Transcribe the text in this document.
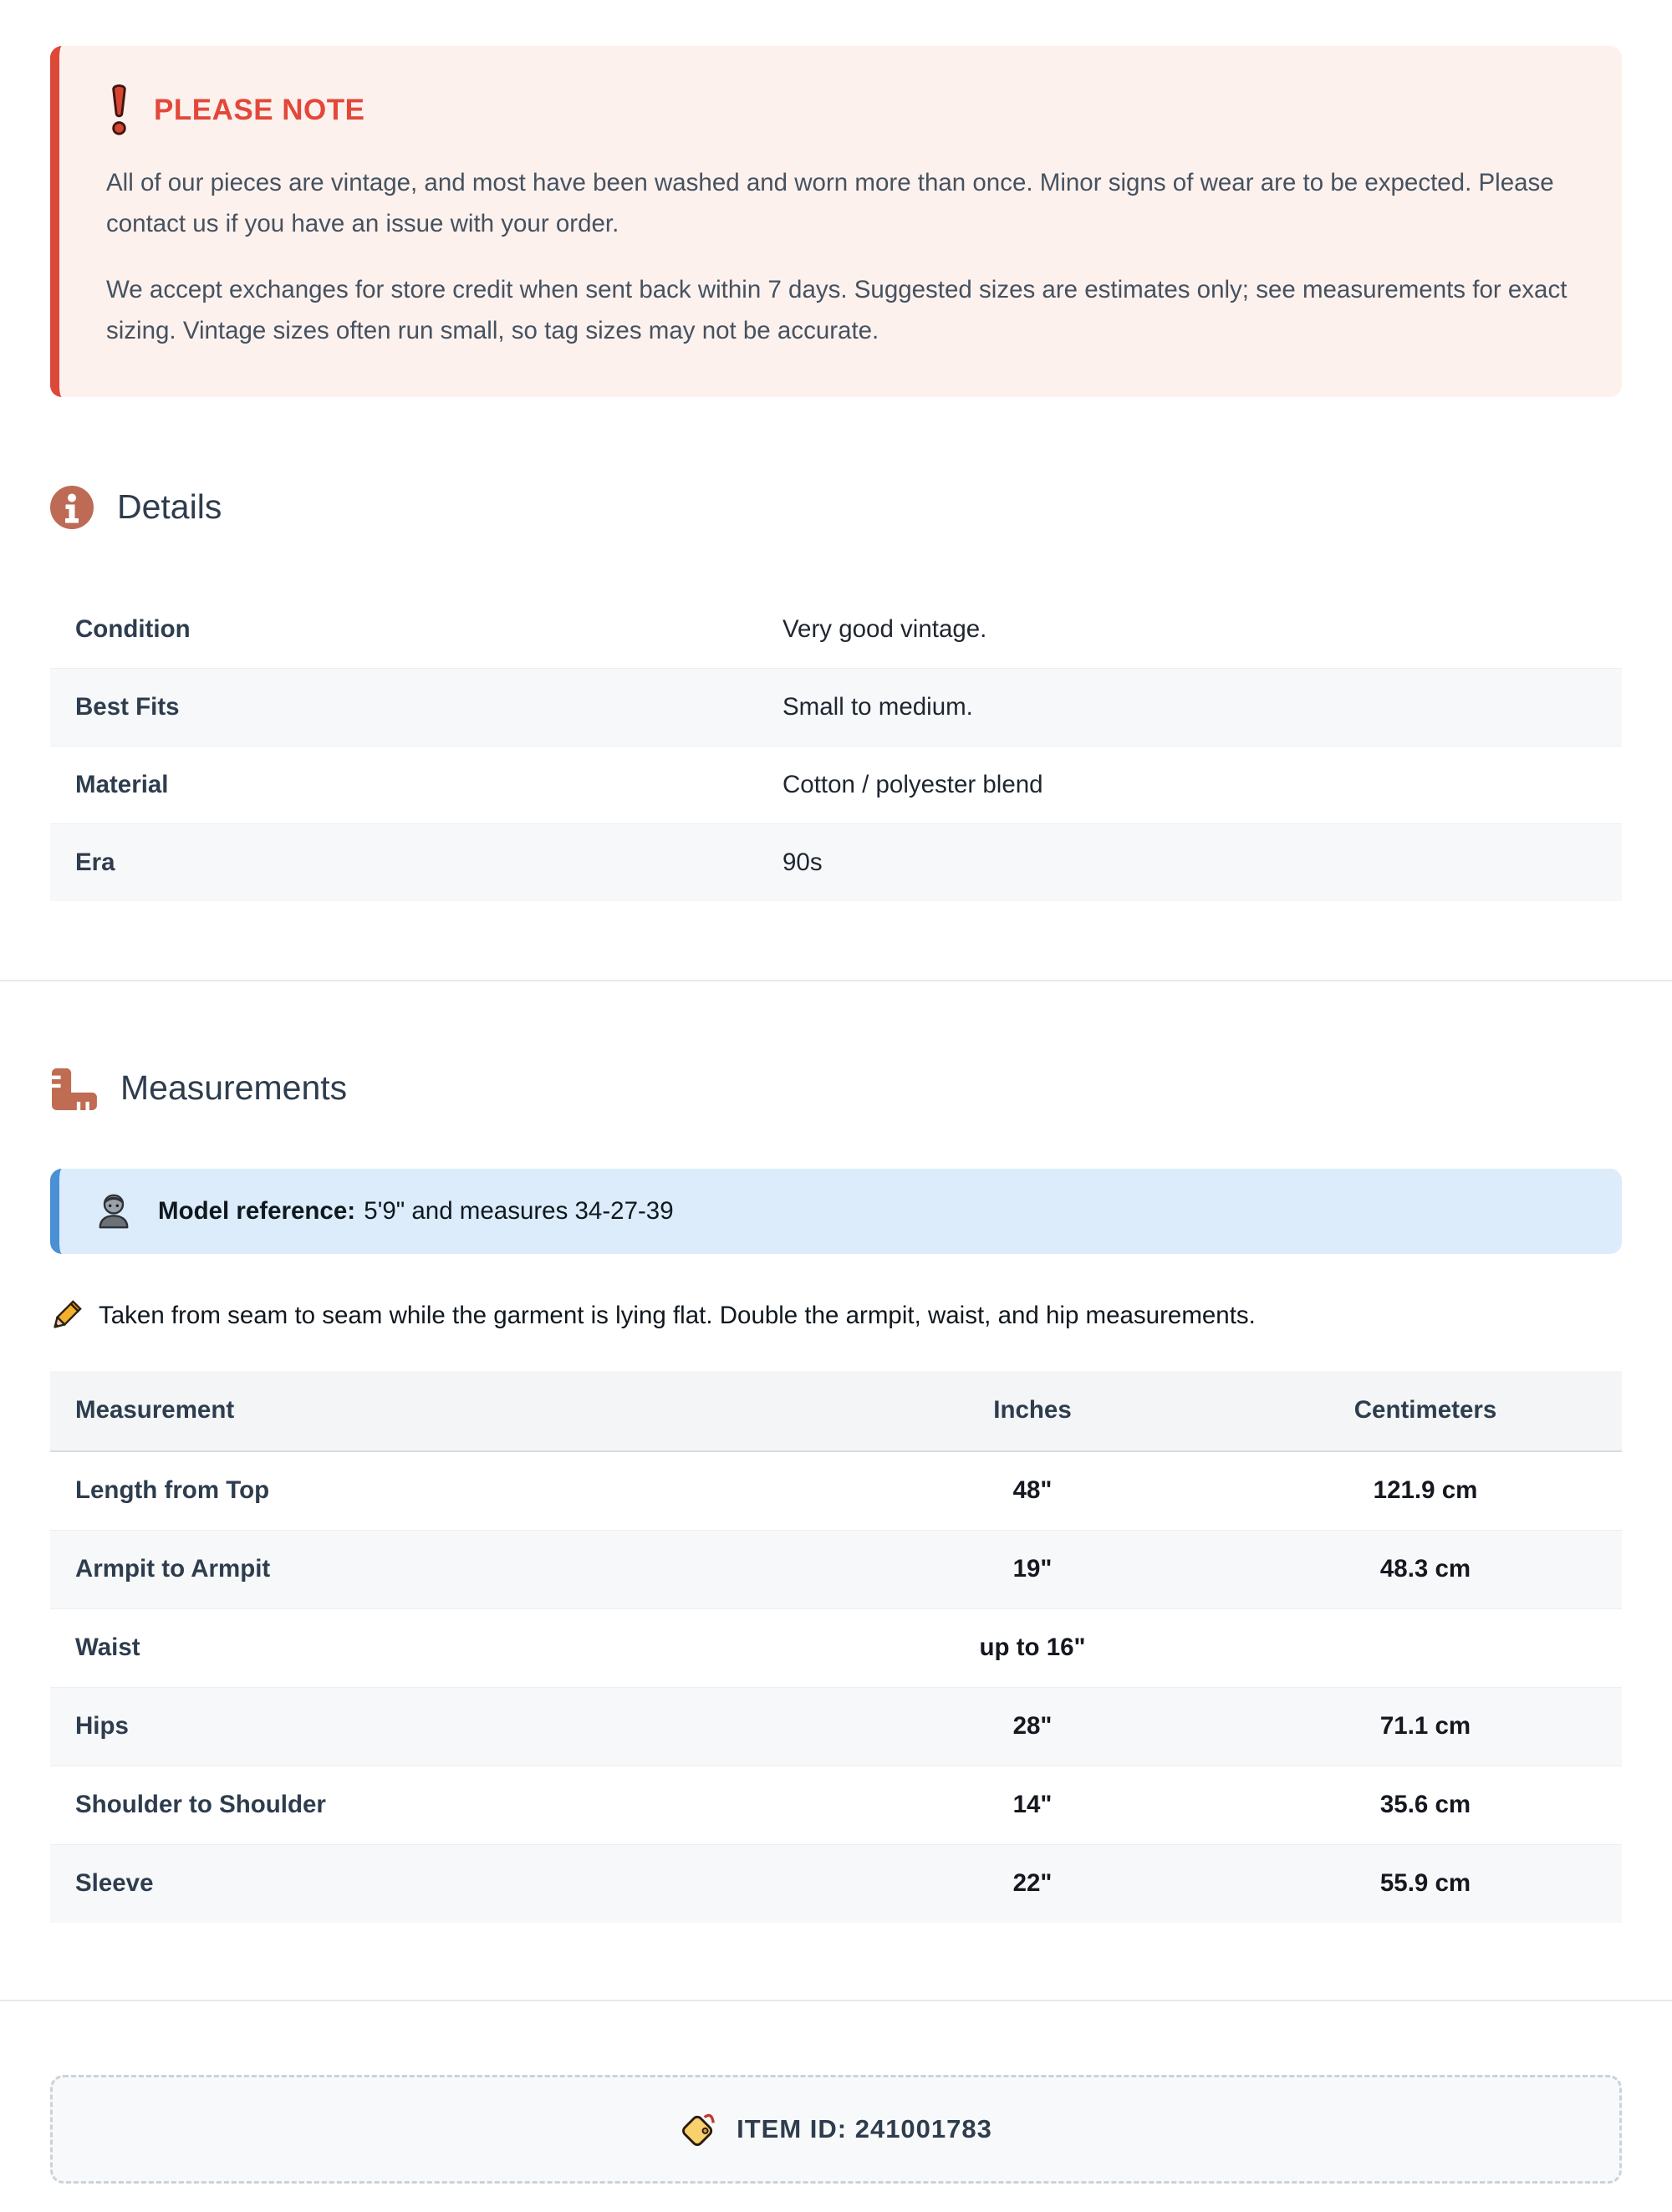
PLEASE NOTE

All of our pieces are vintage, and most have been washed and worn more than once. Minor signs of wear are to be expected. Please contact us if you have an issue with your order.

We accept exchanges for store credit when sent back within 7 days. Suggested sizes are estimates only; see measurements for exact sizing. Vintage sizes often run small, so tag sizes may not be accurate.

Details
Condition	Very good vintage.
Best Fits	Small to medium.
Material	Cotton / polyester blend
Era	90s
Measurements
Model reference: 5'9" and measures 34-27-39
Taken from seam to seam while the garment is lying flat. Double the armpit, waist, and hip measurements.
Measurement	Inches	Centimeters
Length from Top	48"	121.9 cm
Armpit to Armpit	19"	48.3 cm
Waist	up to 16"	
Hips	28"	71.1 cm
Shoulder to Shoulder	14"	35.6 cm
Sleeve	22"	55.9 cm
ITEM ID: 241001783
